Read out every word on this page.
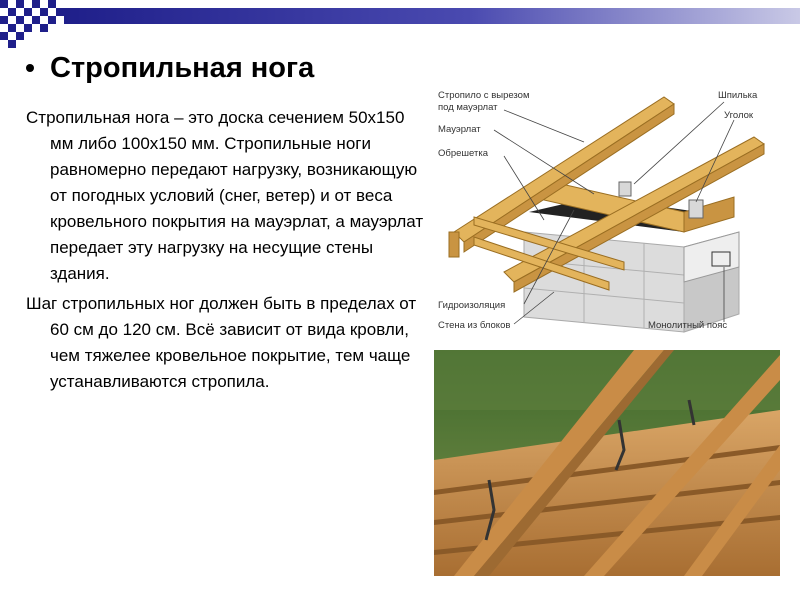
Стропильная нога

Стропильная нога – это доска сечением 50х150 мм либо 100х150 мм. Стропильные ноги равномерно передают нагрузку, возникающую от погодных условий (снег, ветер) и от веса кровельного покрытия на мауэрлат, а мауэрлат передает эту нагрузку на несущие стены здания.

Шаг стропильных ног должен быть в пределах от 60 см до 120 см. Всё зависит от вида кровли, чем тяжелее кровельное покрытие, тем чаще устанавливаются стропила.

Стропило с вырезом
под мауэрлат
Мауэрлат
Обрешетка
Шпилька
Уголок
Гидроизоляция
Стена из блоков	Монолитный пояс
